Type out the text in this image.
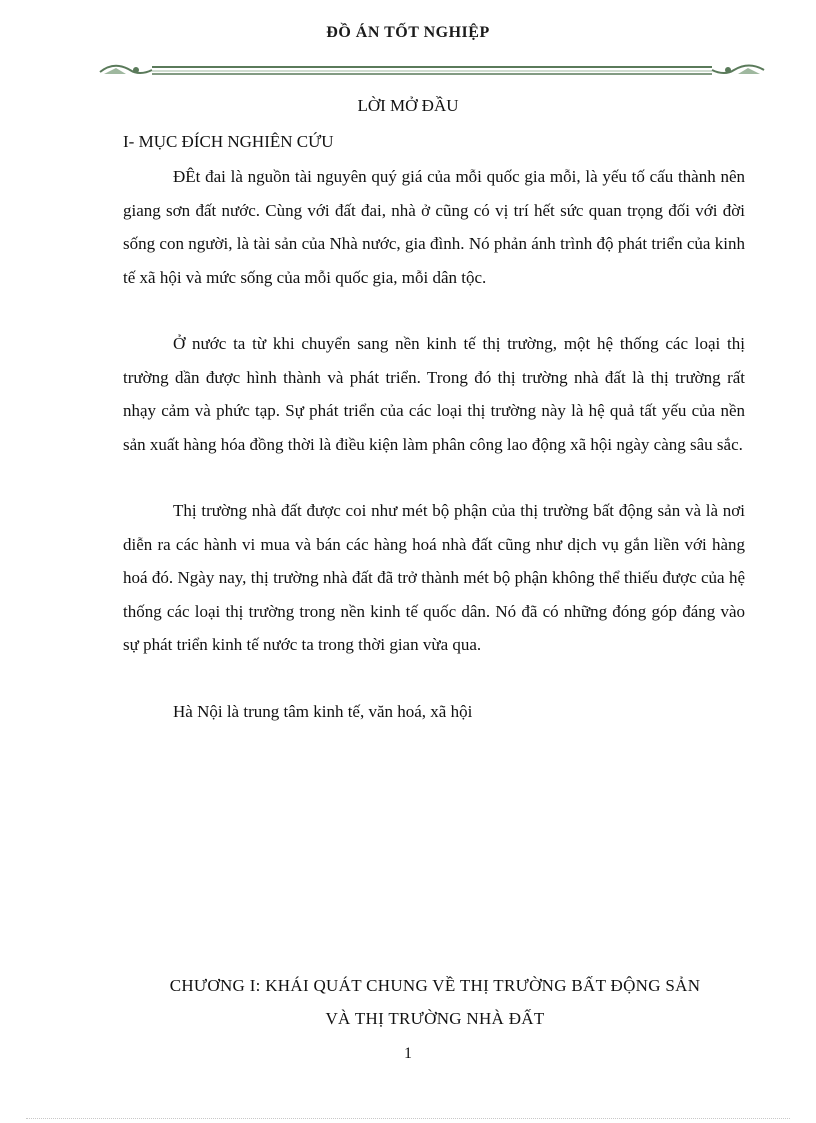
ĐỒ ÁN TỐT NGHIỆP
LỜI MỞ ĐẦU
I- MỤC ĐÍCH NGHIÊN CỨU

ĐÊt đai là nguồn tài nguyên quý giá của mỗi quốc gia mỗi, là yếu tố cấu thành nên giang sơn đất nước. Cùng với đất đai, nhà ở cũng có vị trí hết sức quan trọng đối với đời sống con người, là tài sản của Nhà nước, gia đình. Nó phản ánh trình độ phát triển của kinh tế xã hội và mức sống của mỗi quốc gia, mỗi dân tộc.

Ở nước ta từ khi chuyển sang nền kinh tế thị trường, một hệ thống các loại thị trường dần được hình thành và phát triển. Trong đó thị trường nhà đất là thị trường rất nhạy cảm và phức tạp. Sự phát triển của các loại thị trường này là hệ quả tất yếu của nền sản xuất hàng hóa đồng thời là điều kiện làm phân công lao động xã hội ngày càng sâu sắc.

Thị trường nhà đất được coi như mét bộ phận của thị trường bất động sản và là nơi diễn ra các hành vi mua và bán các hàng hoá nhà đất cũng như dịch vụ gắn liền với hàng hoá đó. Ngày nay, thị trường nhà đất đã trở thành mét bộ phận không thể thiếu được của hệ thống các loại thị trường trong nền kinh tế quốc dân. Nó đã có những đóng góp đáng vào sự phát triển kinh tế nước ta trong thời gian vừa qua.

Hà Nội là trung tâm kinh tế, văn hoá, xã hội

CHƯƠNG I: KHÁI QUÁT CHUNG VỀ THỊ TRƯỜNG BẤT ĐỘNG SẢN
VÀ THỊ TRƯỜNG NHÀ ĐẤT
1
